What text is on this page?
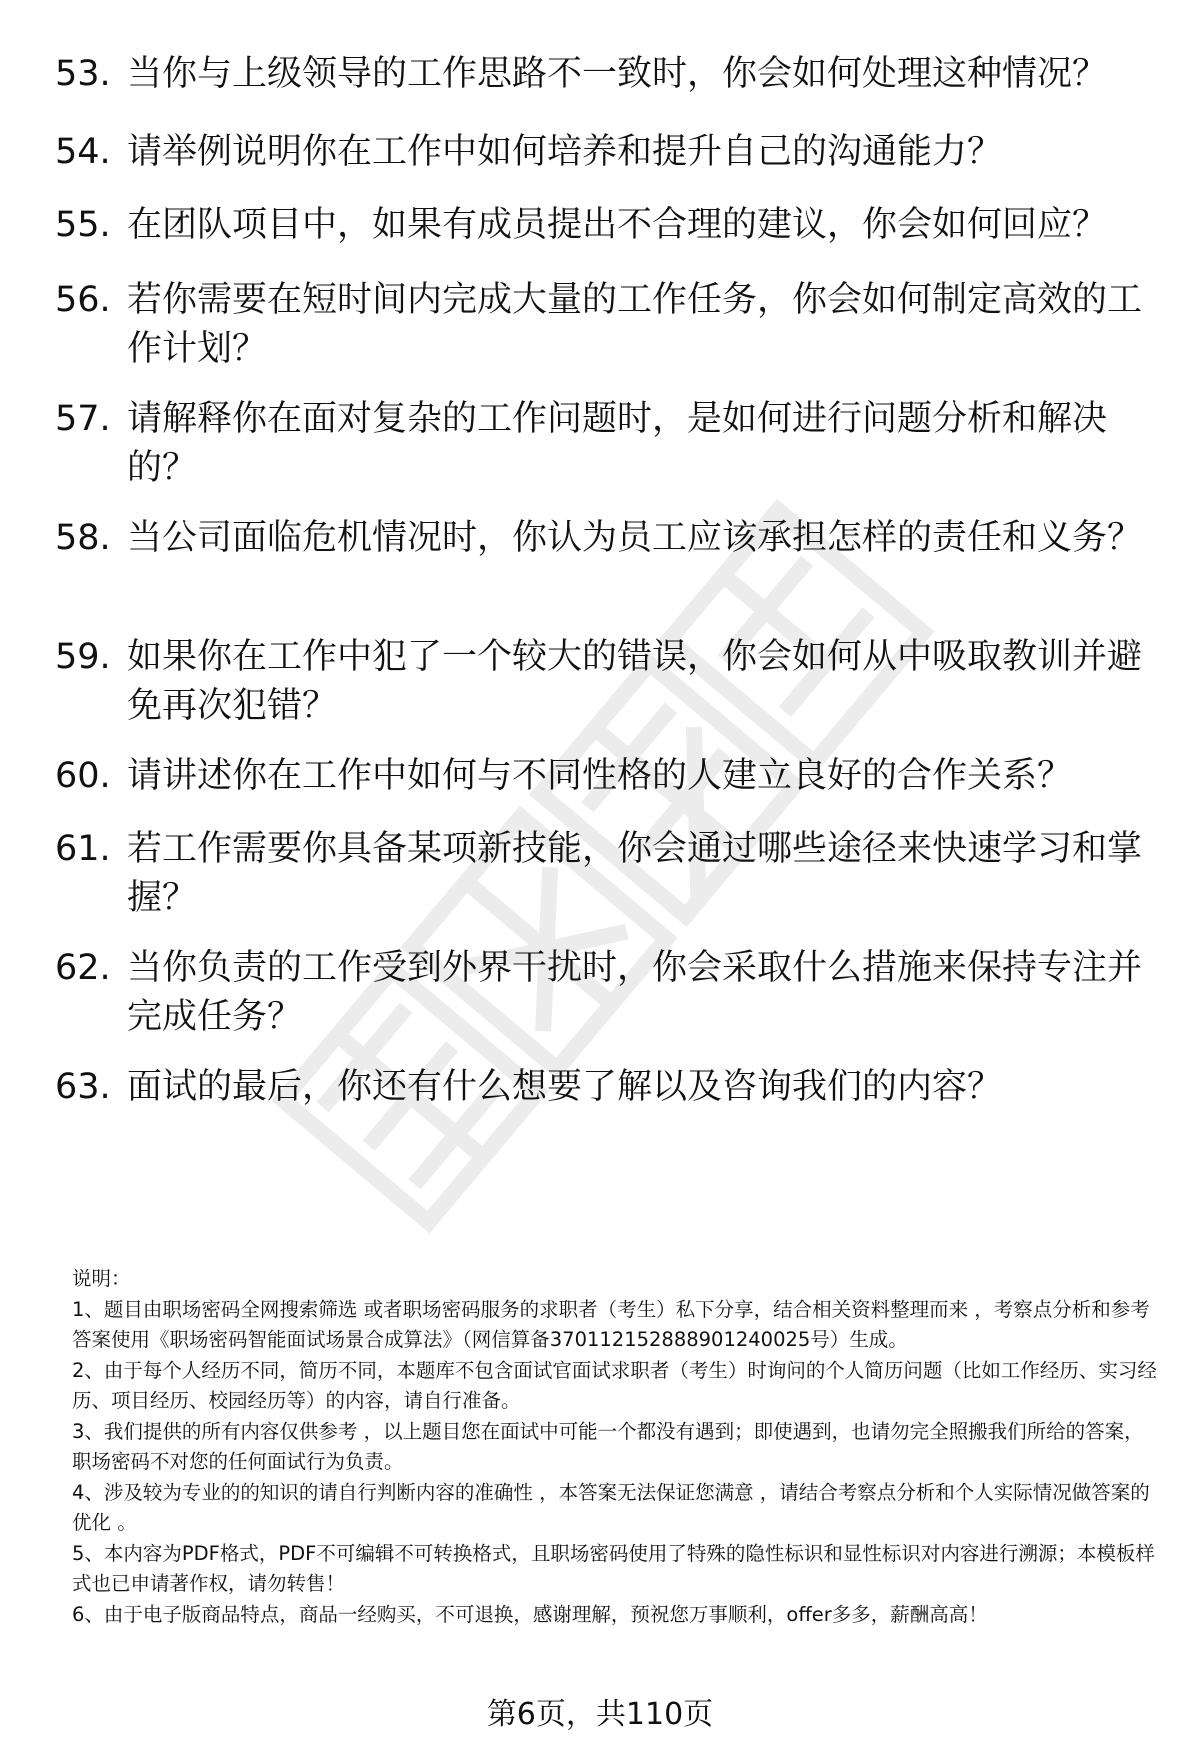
53. 当你与上级领导的工作思路不一致时，你会如何处理这种情况？
54. 请举例说明你在工作中如何培养和提升自己的沟通能力？
55. 在团队项目中，如果有成员提出不合理的建议，你会如何回应？
56. 若你需要在短时间内完成大量的工作任务，你会如何制定高效的工作计划？
57. 请解释你在面对复杂的工作问题时，是如何进行问题分析和解决的？
58. 当公司面临危机情况时，你认为员工应该承担怎样的责任和义务？
59. 如果你在工作中犯了一个较大的错误，你会如何从中吸取教训并避免再次犯错？
60. 请讲述你在工作中如何与不同性格的人建立良好的合作关系？
61. 若工作需要你具备某项新技能，你会通过哪些途径来快速学习和掌握？
62. 当你负责的工作受到外界干扰时，你会采取什么措施来保持专注并完成任务？
63. 面试的最后，你还有什么想要了解以及咨询我们的内容？

说明：

1、题目由职场密码全网搜索筛选 或者职场密码服务的求职者（考生）私下分享，结合相关资料整理而来 ，考察点分析和参考答案使用《职场密码智能面试场景合成算法》（网信算备370112152888901240025号）生成。

2、由于每个人经历不同，简历不同，本题库不包含面试官面试求职者（考生）时询问的个人简历问题（比如工作经历、实习经历、项目经历、校园经历等）的内容，请自行准备。

3、我们提供的所有内容仅供参考 ，以上题目您在面试中可能一个都没有遇到；即使遇到，也请勿完全照搬我们所给的答案，职场密码不对您的任何面试行为负责。

4、涉及较为专业的的知识的请自行判断内容的准确性 ，本答案无法保证您满意 ，请结合考察点分析和个人实际情况做答案的优化 。

5、本内容为PDF格式，PDF不可编辑不可转换格式，且职场密码使用了特殊的隐性标识和显性标识对内容进行溯源；本模板样式也已申请著作权，请勿转售！

6、由于电子版商品特点，商品一经购买，不可退换，感谢理解，预祝您万事顺利，offer多多，薪酬高高！

第6页，共110页
